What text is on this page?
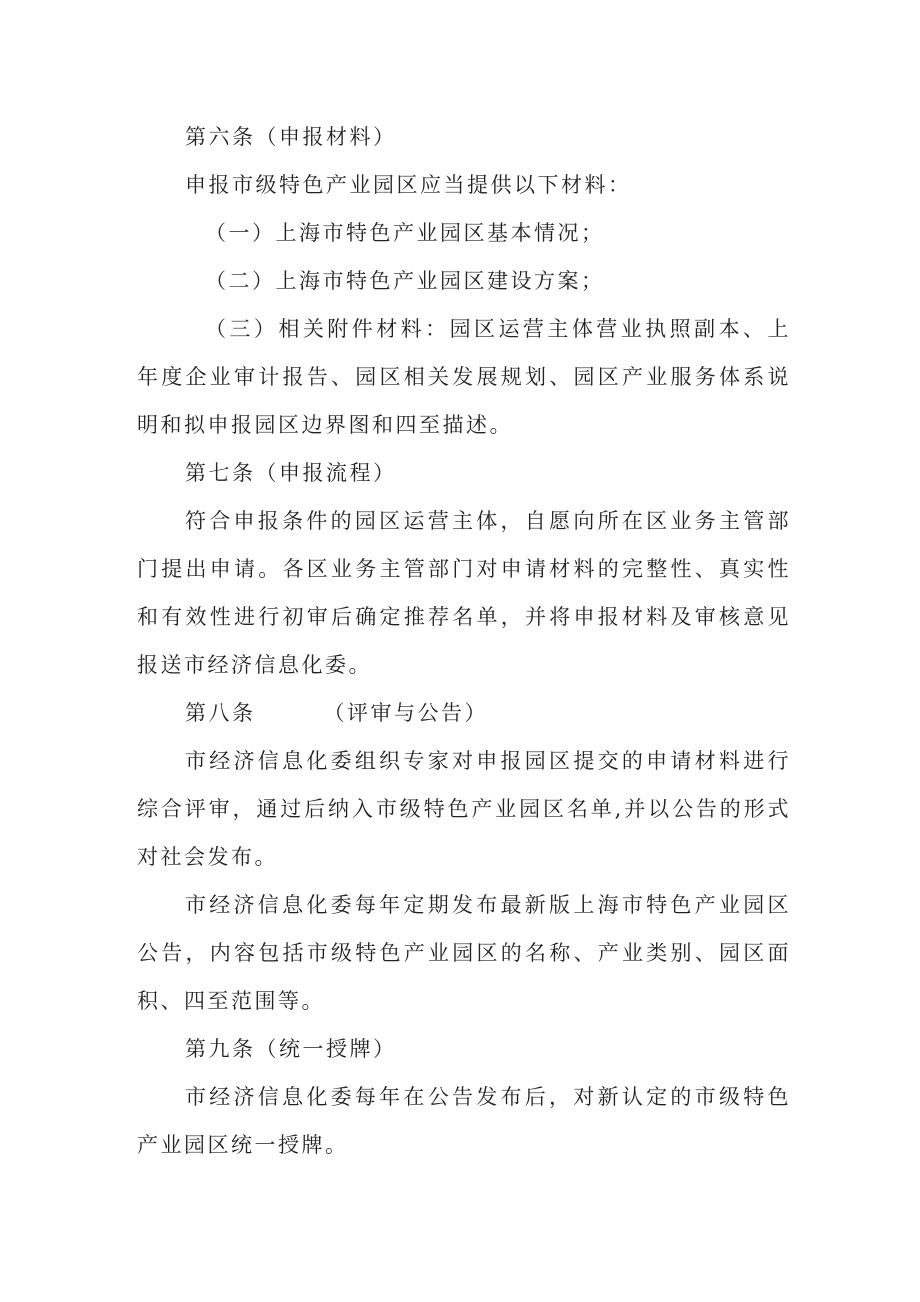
第六条（申报材料）

申报市级特色产业园区应当提供以下材料：

（一）上海市特色产业园区基本情况；

（二）上海市特色产业园区建设方案；

（三）相关附件材料：园区运营主体营业执照副本、上年度企业审计报告、园区相关发展规划、园区产业服务体系说明和拟申报园区边界图和四至描述。

第七条（申报流程）

符合申报条件的园区运营主体，自愿向所在区业务主管部门提出申请。各区业务主管部门对申请材料的完整性、真实性和有效性进行初审后确定推荐名单，并将申报材料及审核意见报送市经济信息化委。

第八条	（评审与公告）

市经济信息化委组织专家对申报园区提交的申请材料进行综合评审，通过后纳入市级特色产业园区名单,并以公告的形式对社会发布。

市经济信息化委每年定期发布最新版上海市特色产业园区公告，内容包括市级特色产业园区的名称、产业类别、园区面积、四至范围等。

第九条（统一授牌）

市经济信息化委每年在公告发布后，对新认定的市级特色产业园区统一授牌。
